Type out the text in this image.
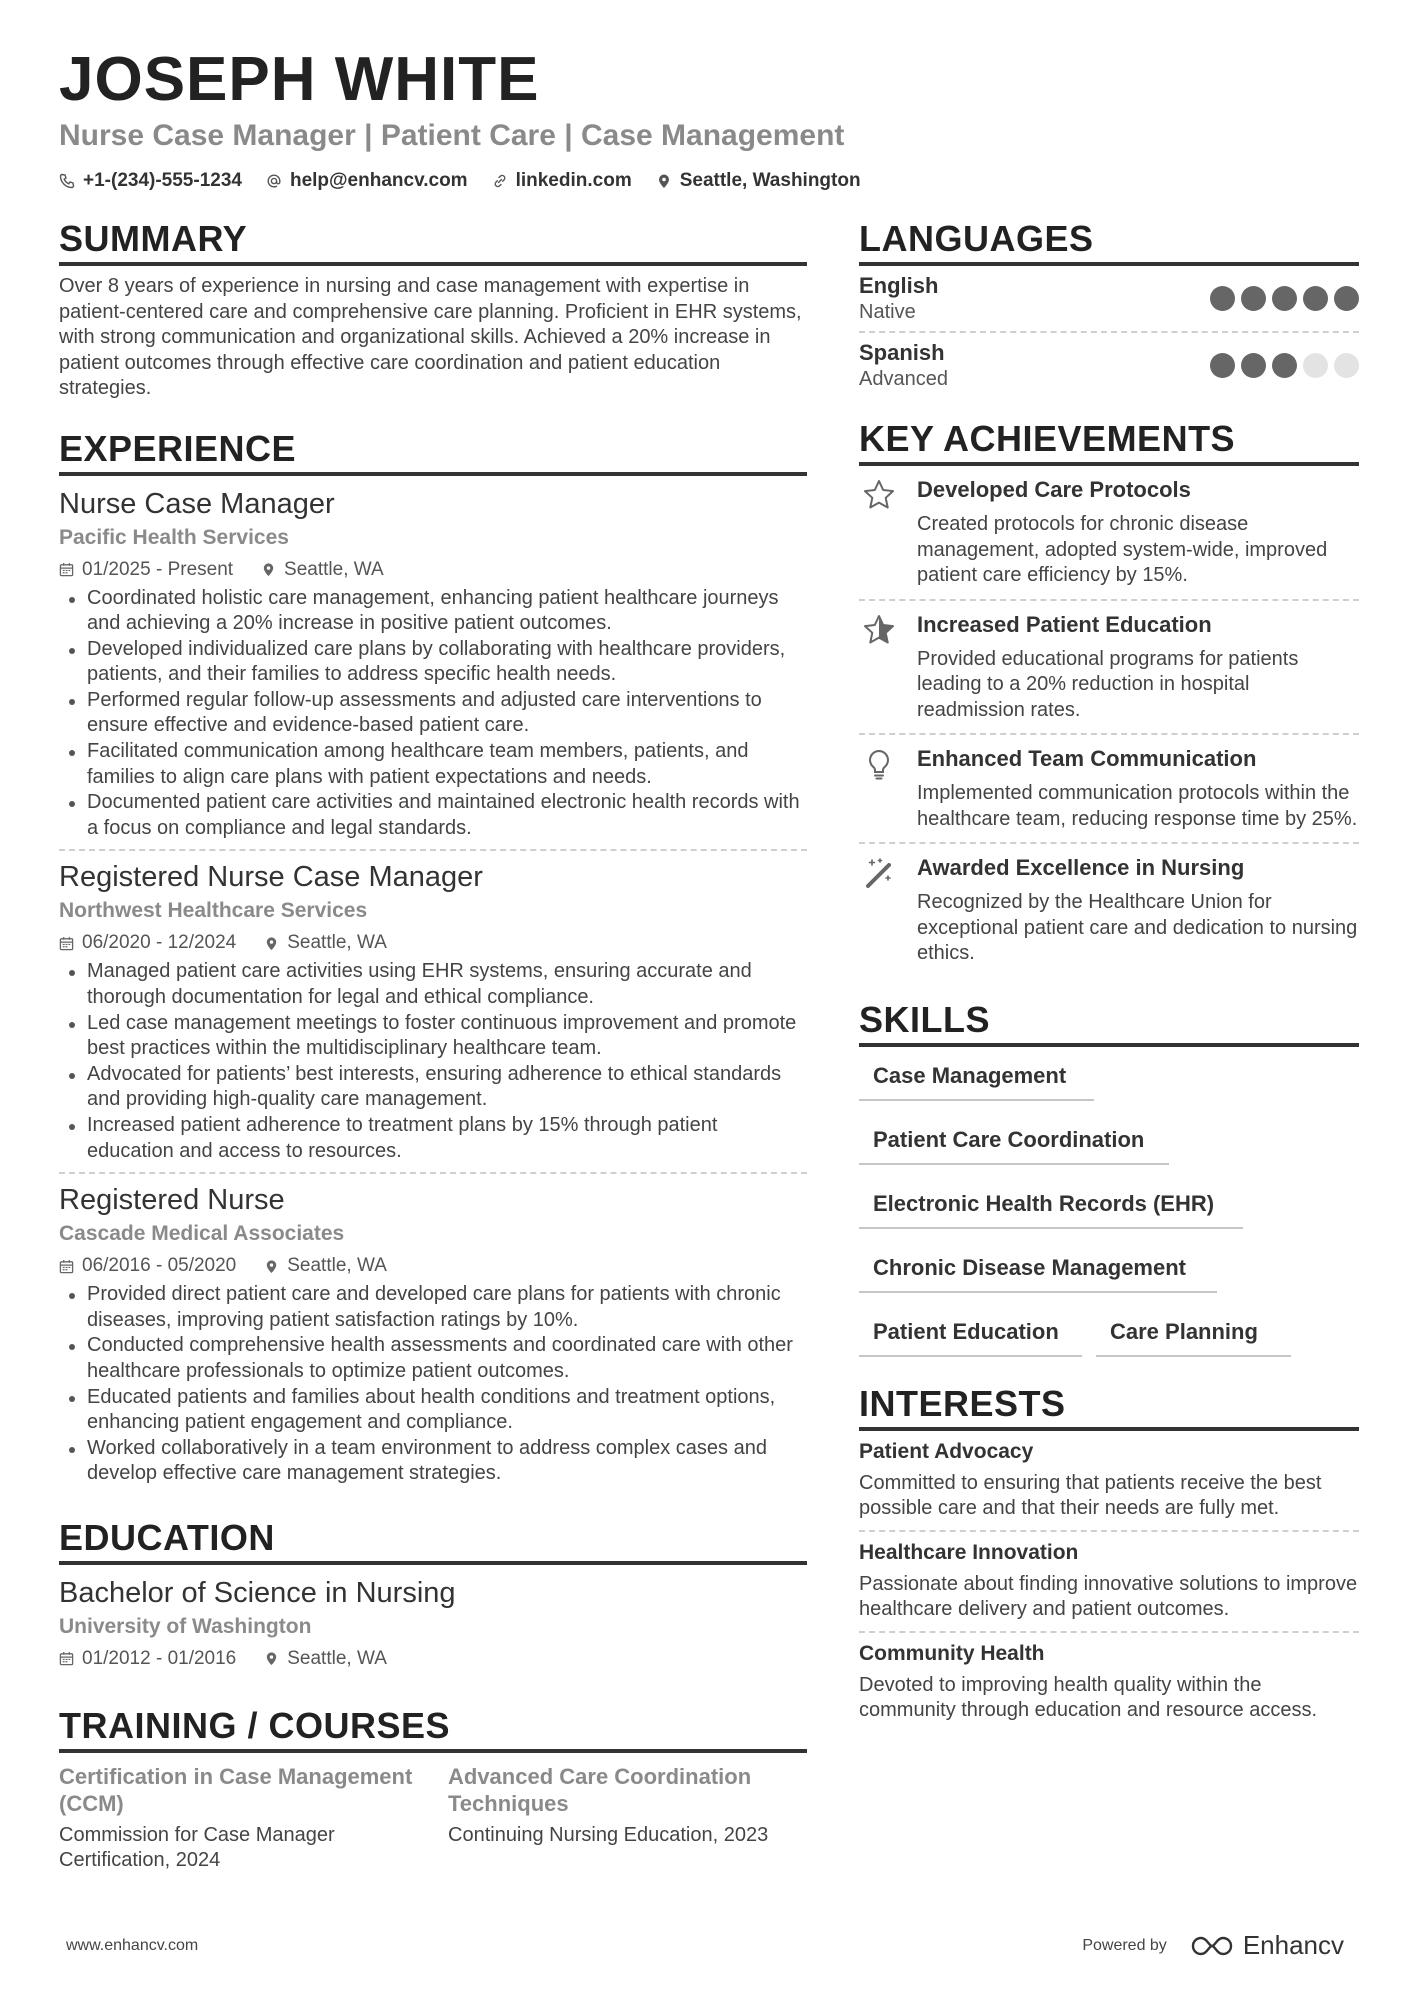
JOSEPH WHITE
Nurse Case Manager | Patient Care | Case Management
+1-(234)-555-1234	help@enhancv.com	linkedin.com	Seattle, Washington
SUMMARY
Over 8 years of experience in nursing and case management with expertise in patient-centered care and comprehensive care planning. Proficient in EHR systems, with strong communication and organizational skills. Achieved a 20% increase in patient outcomes through effective care coordination and patient education strategies.
EXPERIENCE
Nurse Case Manager
Pacific Health Services
01/2025 - Present	Seattle, WA
Coordinated holistic care management, enhancing patient healthcare journeys and achieving a 20% increase in positive patient outcomes.
Developed individualized care plans by collaborating with healthcare providers, patients, and their families to address specific health needs.
Performed regular follow-up assessments and adjusted care interventions to ensure effective and evidence-based patient care.
Facilitated communication among healthcare team members, patients, and families to align care plans with patient expectations and needs.
Documented patient care activities and maintained electronic health records with a focus on compliance and legal standards.
Registered Nurse Case Manager
Northwest Healthcare Services
06/2020 - 12/2024	Seattle, WA
Managed patient care activities using EHR systems, ensuring accurate and thorough documentation for legal and ethical compliance.
Led case management meetings to foster continuous improvement and promote best practices within the multidisciplinary healthcare team.
Advocated for patients’ best interests, ensuring adherence to ethical standards and providing high-quality care management.
Increased patient adherence to treatment plans by 15% through patient education and access to resources.
Registered Nurse
Cascade Medical Associates
06/2016 - 05/2020	Seattle, WA
Provided direct patient care and developed care plans for patients with chronic diseases, improving patient satisfaction ratings by 10%.
Conducted comprehensive health assessments and coordinated care with other healthcare professionals to optimize patient outcomes.
Educated patients and families about health conditions and treatment options, enhancing patient engagement and compliance.
Worked collaboratively in a team environment to address complex cases and develop effective care management strategies.
EDUCATION
Bachelor of Science in Nursing
University of Washington
01/2012 - 01/2016	Seattle, WA
TRAINING / COURSES
Certification in Case Management (CCM)
Commission for Case Manager Certification, 2024
Advanced Care Coordination Techniques
Continuing Nursing Education, 2023
LANGUAGES
English
Native
Spanish
Advanced
KEY ACHIEVEMENTS
Developed Care Protocols
Created protocols for chronic disease management, adopted system-wide, improved patient care efficiency by 15%.
Increased Patient Education
Provided educational programs for patients leading to a 20% reduction in hospital readmission rates.
Enhanced Team Communication
Implemented communication protocols within the healthcare team, reducing response time by 25%.
Awarded Excellence in Nursing
Recognized by the Healthcare Union for exceptional patient care and dedication to nursing ethics.
SKILLS
Case Management
Patient Care Coordination
Electronic Health Records (EHR)
Chronic Disease Management
Patient Education	Care Planning
INTERESTS
Patient Advocacy
Committed to ensuring that patients receive the best possible care and that their needs are fully met.
Healthcare Innovation
Passionate about finding innovative solutions to improve healthcare delivery and patient outcomes.
Community Health
Devoted to improving health quality within the community through education and resource access.
www.enhancv.com	Powered by	Enhancv
